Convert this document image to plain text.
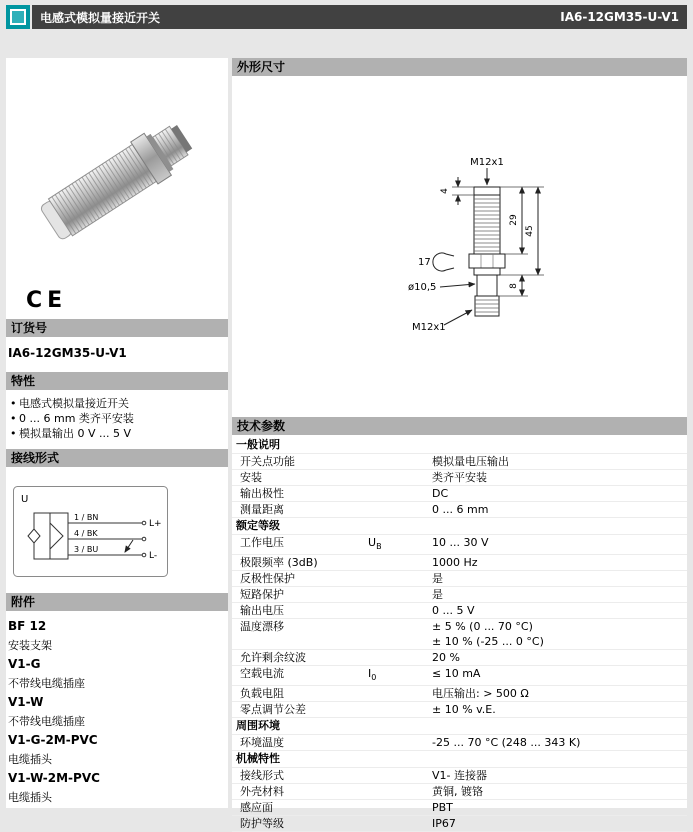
电感式模拟量接近开关	IA6-12GM35-U-V1
CE
订货号
IA6-12GM35-U-V1
特性
• 电感式模拟量接近开关
• 0 ... 6 mm 类齐平安装
• 模拟量输出 0 V ... 5 V
接线形式
U
1 / BN
4 / BK
3 / BU
L+
L-
附件
BF 12
安装支架
V1-G
不带线电缆插座
V1-W
不带线电缆插座
V1-G-2M-PVC
电缆插头
V1-W-2M-PVC
电缆插头
外形尺寸
M12x1
4
29
45
8
17
ø10,5
M12x1
技术参数
一般说明
开关点功能	模拟量电压输出
安装	类齐平安装
输出极性	DC
测量距离	0 ... 6 mm
额定等级
工作电压	$U_B$	10 ... 30 V
极限频率 (3dB)	1000 Hz
反极性保护	是
短路保护	是
输出电压	0 ... 5 V
温度漂移	± 5 % (0 ... 70 °C)
± 10 % (-25 ... 0 °C)
允许剩余纹波	20 %
空载电流	$I_0$	≤ 10 mA
负载电阻	电压输出: > 500 Ω
零点调节公差	± 10 % v.E.
周围环境
环境温度	-25 ... 70 °C (248 ... 343 K)
机械特性
接线形式	V1- 连接器
外壳材料	黄铜, 镀铬
感应面	PBT
防护等级	IP67
